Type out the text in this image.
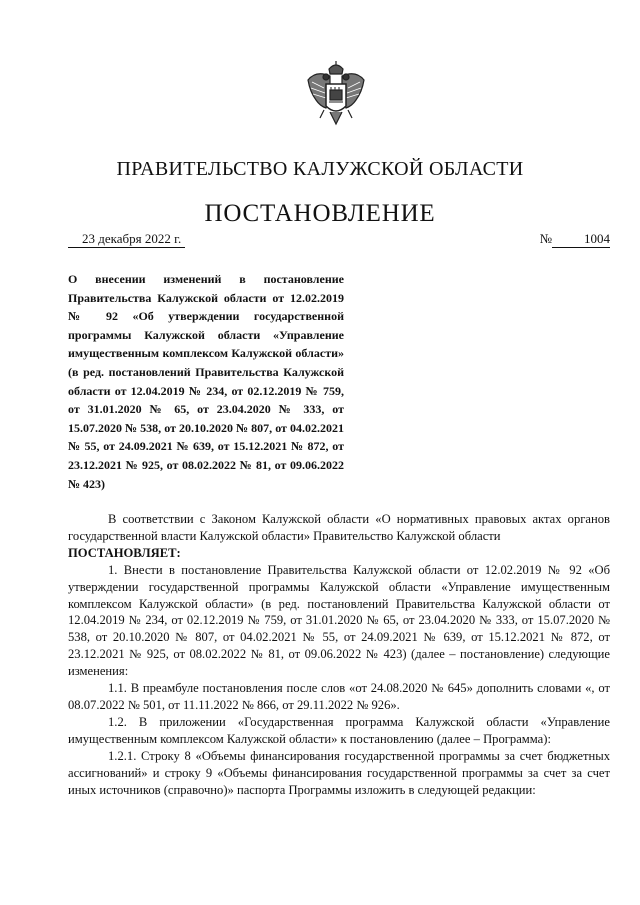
ПРАВИТЕЛЬСТВО КАЛУЖСКОЙ ОБЛАСТИ
ПОСТАНОВЛЕНИЕ
23 декабря 2022 г.	№ 1004
О внесении изменений в постановление Правительства Калужской области от 12.02.2019 № 92 «Об утверждении государственной программы Калужской области «Управление имущественным комплексом Калужской области» (в ред. постановлений Правительства Калужской области от 12.04.2019 № 234, от 02.12.2019 № 759, от 31.01.2020 № 65, от 23.04.2020 № 333, от 15.07.2020 № 538, от 20.10.2020 № 807, от 04.02.2021 № 55, от 24.09.2021 № 639, от 15.12.2021 № 872, от 23.12.2021 № 925, от 08.02.2022 № 81, от 09.06.2022 № 423)

В соответствии с Законом Калужской области «О нормативных правовых актах органов государственной власти Калужской области» Правительство Калужской области

ПОСТАНОВЛЯЕТ:

1. Внести в постановление Правительства Калужской области от 12.02.2019 № 92 «Об утверждении государственной программы Калужской области «Управление имущественным комплексом Калужской области» (в ред. постановлений Правительства Калужской области от 12.04.2019 № 234, от 02.12.2019 № 759, от 31.01.2020 № 65, от 23.04.2020 № 333, от 15.07.2020 № 538, от 20.10.2020 № 807, от 04.02.2021 № 55, от 24.09.2021 № 639, от 15.12.2021 № 872, от 23.12.2021 № 925, от 08.02.2022 № 81, от 09.06.2022 № 423) (далее – постановление) следующие изменения:

1.1. В преамбуле постановления после слов «от 24.08.2020 № 645» дополнить словами «, от 08.07.2022 № 501, от 11.11.2022 № 866, от 29.11.2022 № 926».

1.2. В приложении «Государственная программа Калужской области «Управление имущественным комплексом Калужской области» к постановлению (далее – Программа):

1.2.1. Строку 8 «Объемы финансирования государственной программы за счет бюджетных ассигнований» и строку 9 «Объемы финансирования государственной программы за счет за счет иных источников (справочно)» паспорта Программы изложить в следующей редакции:
